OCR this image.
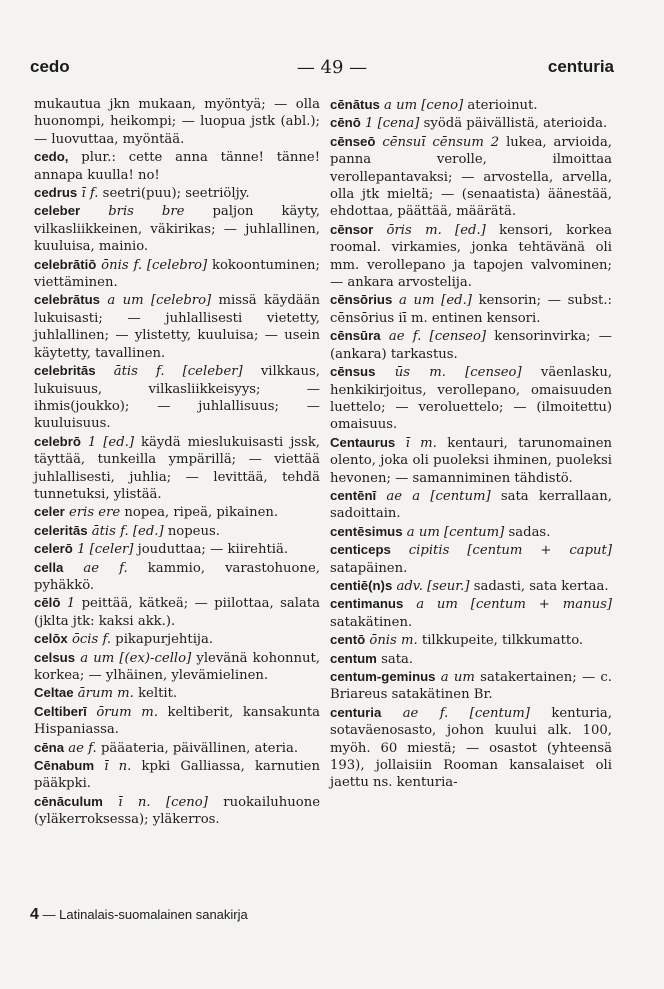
cedo	— 49 —	centuria

mukautua jkn mukaan, myöntyä; — olla huonompi, heikompi; — luopua jstk (abl.); — luovuttaa, myöntää.

cedo, plur.: cette anna tänne! tänne! annapa kuulla! no!

cedrus ī f. seetri(puu); seetriöljy.

celeber bris bre paljon käyty, vilkasliikkeinen, väkirikas; — juhlallinen, kuuluisa, mainio.

celebrātiō ōnis f. [celebro] kokoontuminen; viettäminen.

celebrātus a um [celebro] missä käydään lukuisasti; — juhlallisesti vietetty, juhlallinen; — ylistetty, kuuluisa; — usein käytetty, tavallinen.

celebritās ātis f. [celeber] vilkkaus, lukuisuus, vilkasliikkeisyys; — ihmis(joukko); — juhlallisuus; — kuuluisuus.

celebrō 1 [ed.] käydä mieslukuisasti jssk, täyttää, tunkeilla ympärillä; — viettää juhlallisesti, juhlia; — levittää, tehdä tunnetuksi, ylistää.

celer eris ere nopea, ripeä, pikainen.

celeritās ātis f. [ed.] nopeus.

celerō 1 [celer] jouduttaa; — kiirehtiä.

cella ae f. kammio, varastohuone, pyhäkkö.

cēlō 1 peittää, kätkeä; — piilottaa, salata (jklta jtk: kaksi akk.).

celōx ōcis f. pikapurjehtija.

celsus a um [(ex)-cello] ylevänä kohonnut, korkea; — ylhäinen, ylevämielinen.

Celtae ārum m. keltit.

Celtiberī ōrum m. keltiberit, kansakunta Hispaniassa.

cēna ae f. pääateria, päivällinen, ateria.

Cēnabum ī n. kpki Galliassa, karnutien pääkpki.

cēnāculum ī n. [ceno] ruokailuhuone (yläkerroksessa); yläkerros.

cēnātus a um [ceno] aterioinut.

cēnō 1 [cena] syödä päivällistä, aterioida.

cēnseō cēnsuī cēnsum 2 lukea, arvioida, panna verolle, ilmoittaa verollepantavaksi; — arvostella, arvella, olla jtk mieltä; — (senaatista) äänestää, ehdottaa, päättää, määrätä.

cēnsor ōris m. [ed.] kensori, korkea roomal. virkamies, jonka tehtävänä oli mm. verollepano ja tapojen valvominen; — ankara arvostelija.

cēnsōrius a um [ed.] kensorin; — subst.: cēnsōrius iī m. entinen kensori.

cēnsūra ae f. [censeo] kensorinvirka; — (ankara) tarkastus.

cēnsus ūs m. [censeo] väenlasku, henkikirjoitus, verollepano, omaisuuden luettelo; — veroluettelo; — (ilmoitettu) omaisuus.

Centaurus ī m. kentauri, tarunomainen olento, joka oli puoleksi ihminen, puoleksi hevonen; — samanniminen tähdistö.

centēnī ae a [centum] sata kerrallaan, sadoittain.

centēsimus a um [centum] sadas.

centiceps cipitis [centum + caput] satapäinen.

centiē(n)s adv. [seur.] sadasti, sata kertaa.

centimanus a um [centum + manus] satakätinen.

centō ōnis m. tilkkupeite, tilkkumatto.

centum sata.

centum-geminus a um satakertainen; — c. Briareus satakätinen Br.

centuria ae f. [centum] kenturia, sotaväenosasto, johon kuului alk. 100, myöh. 60 miestä; — osastot (yhteensä 193), jollaisiin Rooman kansalaiset oli jaettu ns. kenturia-

4 — Latinalais-suomalainen sanakirja
